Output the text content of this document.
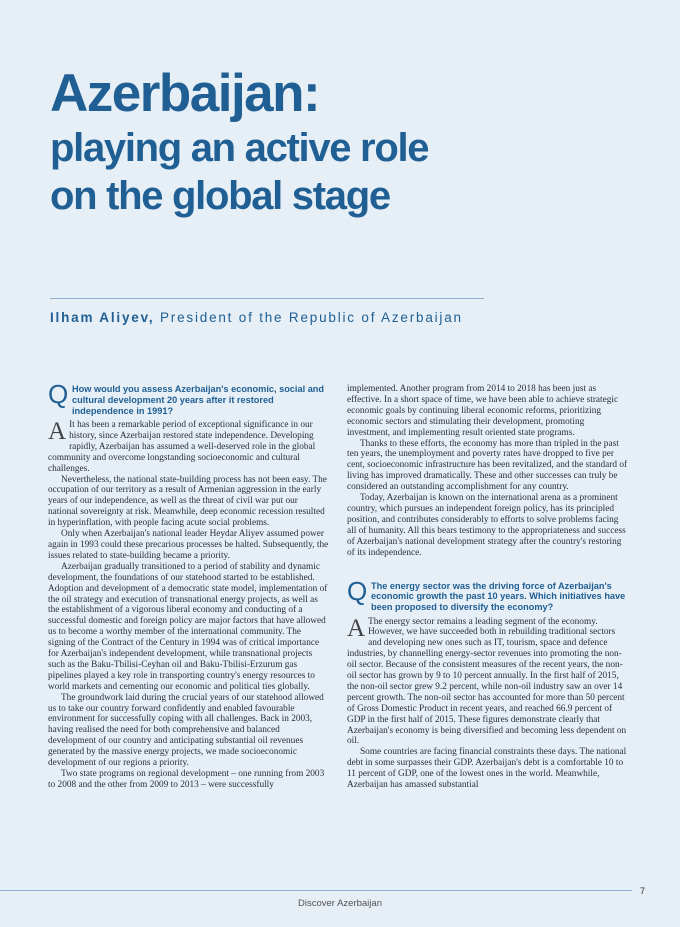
Azerbaijan:
playing an active role
on the global stage
Ilham Aliyev, President of the Republic of Azerbaijan
Q How would you assess Azerbaijan's economic, social and cultural development 20 years after it restored independence in 1991?

A It has been a remarkable period of exceptional significance in our history, since Azerbaijan restored state independence. Developing rapidly, Azerbaijan has assumed a well-deserved role in the global community and overcome longstanding socioeconomic and cultural challenges.

Nevertheless, the national state-building process has not been easy. The occupation of our territory as a result of Armenian aggression in the early years of our independence, as well as the threat of civil war put our national sovereignty at risk. Meanwhile, deep economic recession resulted in hyperinflation, with people facing acute social problems.

Only when Azerbaijan's national leader Heydar Aliyev assumed power again in 1993 could these precarious processes be halted. Subsequently, the issues related to state-building became a priority.

Azerbaijan gradually transitioned to a period of stability and dynamic development, the foundations of our statehood started to be established. Adoption and development of a democratic state model, implementation of the oil strategy and execution of transnational energy projects, as well as the establishment of a vigorous liberal economy and conducting of a successful domestic and foreign policy are major factors that have allowed us to become a worthy member of the international community. The signing of the Contract of the Century in 1994 was of critical importance for Azerbaijan's independent development, while transnational projects such as the Baku-Tbilisi-Ceyhan oil and Baku-Tbilisi-Erzurum gas pipelines played a key role in transporting country's energy resources to world markets and cementing our economic and political ties globally.

The groundwork laid during the crucial years of our statehood allowed us to take our country forward confidently and enabled favourable environment for successfully coping with all challenges. Back in 2003, having realised the need for both comprehensive and balanced development of our country and anticipating substantial oil revenues generated by the massive energy projects, we made socioeconomic development of our regions a priority.

Two state programs on regional development – one running from 2003 to 2008 and the other from 2009 to 2013 – were successfully

implemented. Another program from 2014 to 2018 has been just as effective. In a short space of time, we have been able to achieve strategic economic goals by continuing liberal economic reforms, prioritizing economic sectors and stimulating their development, promoting investment, and implementing result oriented state programs.

Thanks to these efforts, the economy has more than tripled in the past ten years, the unemployment and poverty rates have dropped to five per cent, socioeconomic infrastructure has been revitalized, and the standard of living has improved dramatically. These and other successes can truly be considered an outstanding accomplishment for any country.

Today, Azerbaijan is known on the international arena as a prominent country, which pursues an independent foreign policy, has its principled position, and contributes considerably to efforts to solve problems facing all of humanity. All this bears testimony to the appropriateness and success of Azerbaijan's national development strategy after the country's restoring of its independence.

Q The energy sector was the driving force of Azerbaijan's economic growth the past 10 years. Which initiatives have been proposed to diversify the economy?

A The energy sector remains a leading segment of the economy. However, we have succeeded both in rebuilding traditional sectors and developing new ones such as IT, tourism, space and defence industries, by channelling energy-sector revenues into promoting the non-oil sector. Because of the consistent measures of the recent years, the non-oil sector has grown by 9 to 10 percent annually. In the first half of 2015, the non-oil sector grew 9.2 percent, while non-oil industry saw an over 14 percent growth. The non-oil sector has accounted for more than 50 percent of Gross Domestic Product in recent years, and reached 66.9 percent of GDP in the first half of 2015. These figures demonstrate clearly that Azerbaijan's economy is being diversified and becoming less dependent on oil.

Some countries are facing financial constraints these days. The national debt in some surpasses their GDP. Azerbaijan's debt is a comfortable 10 to 11 percent of GDP, one of the lowest ones in the world. Meanwhile, Azerbaijan has amassed substantial

7
Discover Azerbaijan
